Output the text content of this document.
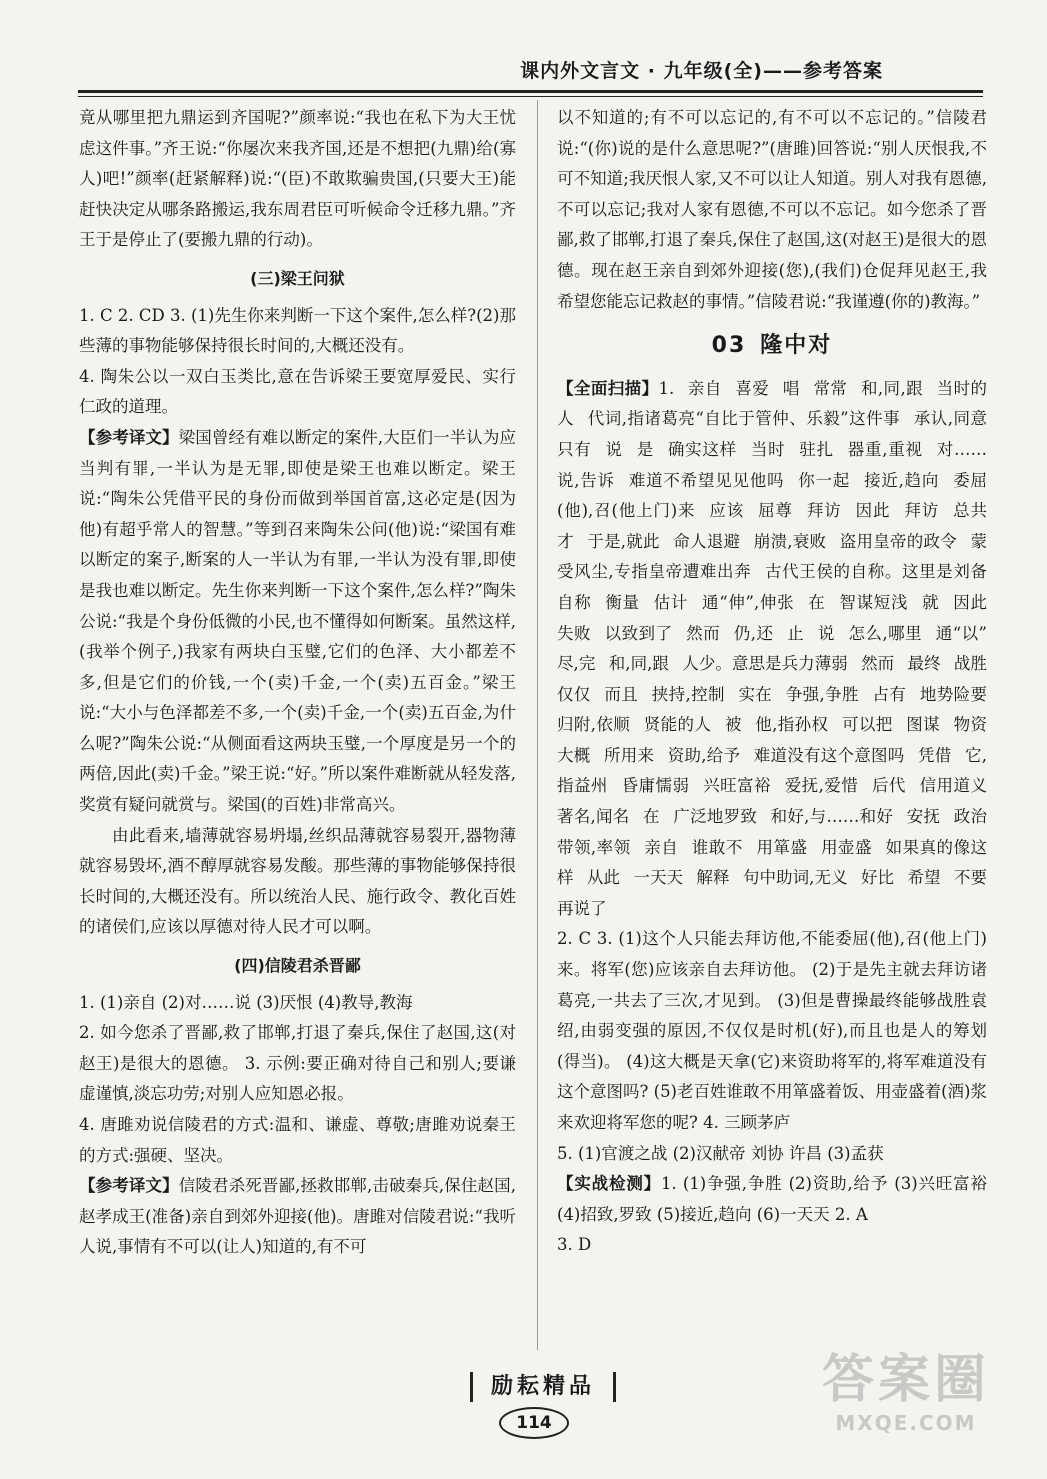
课内外文言文 · 九年级(全)——参考答案

竟从哪里把九鼎运到齐国呢?”颜率说:“我也在私下为大王忧虑这件事。”齐王说:“你屡次来我齐国,还是不想把(九鼎)给(寡人)吧!”颜率(赶紧解释)说:“(臣)不敢欺骗贵国,(只要大王)能赶快决定从哪条路搬运,我东周君臣可听候命令迁移九鼎。”齐王于是停止了(要搬九鼎的行动)。

(三)梁王问狱

1. C 2. CD 3. (1)先生你来判断一下这个案件,怎么样?(2)那些薄的事物能够保持很长时间的,大概还没有。

4. 陶朱公以一双白玉类比,意在告诉梁王要宽厚爱民、实行仁政的道理。

【参考译文】梁国曾经有难以断定的案件,大臣们一半认为应当判有罪,一半认为是无罪,即使是梁王也难以断定。梁王说:“陶朱公凭借平民的身份而做到举国首富,这必定是(因为他)有超乎常人的智慧。”等到召来陶朱公问(他)说:“梁国有难以断定的案子,断案的人一半认为有罪,一半认为没有罪,即使是我也难以断定。先生你来判断一下这个案件,怎么样?”陶朱公说:“我是个身份低微的小民,也不懂得如何断案。虽然这样,(我举个例子,)我家有两块白玉璧,它们的色泽、大小都差不多,但是它们的价钱,一个(卖)千金,一个(卖)五百金。”梁王说:“大小与色泽都差不多,一个(卖)千金,一个(卖)五百金,为什么呢?”陶朱公说:“从侧面看这两块玉璧,一个厚度是另一个的两倍,因此(卖)千金。”梁王说:“好。”所以案件难断就从轻发落,奖赏有疑问就赏与。梁国(的百姓)非常高兴。

由此看来,墙薄就容易坍塌,丝织品薄就容易裂开,器物薄就容易毁坏,酒不醇厚就容易发酸。那些薄的事物能够保持很长时间的,大概还没有。所以统治人民、施行政令、教化百姓的诸侯们,应该以厚德对待人民才可以啊。

(四)信陵君杀晋鄙

1. (1)亲自 (2)对……说 (3)厌恨 (4)教导,教海

2. 如今您杀了晋鄙,救了邯郸,打退了秦兵,保住了赵国,这(对赵王)是很大的恩德。 3. 示例:要正确对待自己和别人;要谦虚谨慎,淡忘功劳;对别人应知恩必报。

4. 唐雎劝说信陵君的方式:温和、谦虚、尊敬;唐雎劝说秦王的方式:强硬、坚决。

【参考译文】信陵君杀死晋鄙,拯救邯郸,击破秦兵,保住赵国,赵孝成王(准备)亲自到郊外迎接(他)。唐雎对信陵君说:“我听人说,事情有不可以(让人)知道的,有不可

以不知道的;有不可以忘记的,有不可以不忘记的。”信陵君说:“(你)说的是什么意思呢?”(唐雎)回答说:“别人厌恨我,不可不知道;我厌恨人家,又不可以让人知道。别人对我有恩德,不可以忘记;我对人家有恩德,不可以不忘记。如今您杀了晋鄙,救了邯郸,打退了秦兵,保住了赵国,这(对赵王)是很大的恩德。现在赵王亲自到郊外迎接(您),(我们)仓促拜见赵王,我希望您能忘记救赵的事情。”信陵君说:“我谨遵(你的)教海。”

03 隆中对

【全面扫描】1. 亲自 喜爱 唱 常常 和,同,跟 当时的人 代词,指诸葛亮“自比于管仲、乐毅”这件事 承认,同意 只有 说 是 确实这样 当时 驻扎 器重,重视 对……说,告诉 难道不希望见见他吗 你一起 接近,趋向 委屈(他),召(他上门)来 应该 屈尊 拜访 因此 拜访 总共 才 于是,就此 命人退避 崩溃,衰败 盗用皇帝的政令 蒙受风尘,专指皇帝遭难出奔 古代王侯的自称。这里是刘备自称 衡量 估计 通“伸”,伸张 在 智谋短浅 就 因此 失败 以致到了 然而 仍,还 止 说 怎么,哪里 通“以” 尽,完 和,同,跟 人少。意思是兵力薄弱 然而 最终 战胜 仅仅 而且 挟持,控制 实在 争强,争胜 占有 地势险要 归附,依顺 贤能的人 被 他,指孙权 可以把 图谋 物资 大概 所用来 资助,给予 难道没有这个意图吗 凭借 它,指益州 昏庸懦弱 兴旺富裕 爱抚,爱惜 后代 信用道义 著名,闻名 在 广泛地罗致 和好,与……和好 安抚 政治 带领,率领 亲自 谁敢不 用箪盛 用壶盛 如果真的像这样 从此 一天天 解释 句中助词,无义 好比 希望 不要再说了

2. C 3. (1)这个人只能去拜访他,不能委屈(他),召(他上门)来。将军(您)应该亲自去拜访他。 (2)于是先主就去拜访诸葛亮,一共去了三次,才见到。 (3)但是曹操最终能够战胜袁绍,由弱变强的原因,不仅仅是时机(好),而且也是人的筹划(得当)。 (4)这大概是天拿(它)来资助将军的,将军难道没有这个意图吗? (5)老百姓谁敢不用箪盛着饭、用壶盛着(酒)浆来欢迎将军您的呢? 4. 三顾茅庐

5. (1)官渡之战 (2)汉献帝 刘协 许昌 (3)孟获

【实战检测】1. (1)争强,争胜 (2)资助,给予 (3)兴旺富裕 (4)招致,罗致 (5)接近,趋向 (6)一天天 2. A

3. D

励耘精品
114
答案圈
MXQE.COM
